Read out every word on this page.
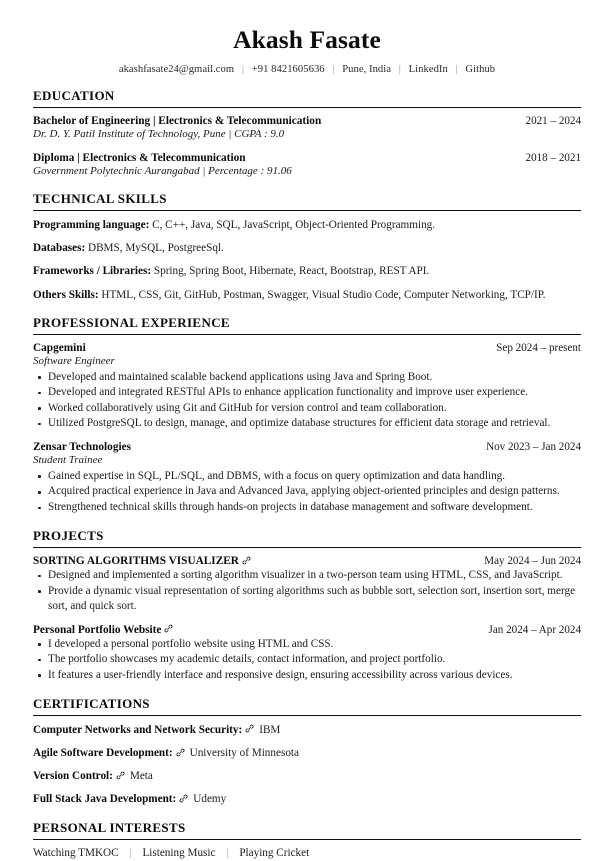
Akash Fasate
akashfasate24@gmail.com | +91 8421605636 | Pune, India | LinkedIn | Github
EDUCATION
Bachelor of Engineering | Electronics & Telecommunication	2021 – 2024
Dr. D. Y. Patil Institute of Technology, Pune | CGPA : 9.0
Diploma | Electronics & Telecommunication	2018 – 2021
Government Polytechnic Aurangabad | Percentage : 91.06
TECHNICAL SKILLS
Programming language: C, C++, Java, SQL, JavaScript, Object-Oriented Programming.
Databases: DBMS, MySQL, PostgreeSql.
Frameworks / Libraries: Spring, Spring Boot, Hibernate, React, Bootstrap, REST API.
Others Skills: HTML, CSS, Git, GitHub, Postman, Swagger, Visual Studio Code, Computer Networking, TCP/IP.
PROFESSIONAL EXPERIENCE
Capgemini	Sep 2024 – present
Software Engineer
Developed and maintained scalable backend applications using Java and Spring Boot.
Developed and integrated RESTful APIs to enhance application functionality and improve user experience.
Worked collaboratively using Git and GitHub for version control and team collaboration.
Utilized PostgreSQL to design, manage, and optimize database structures for efficient data storage and retrieval.
Zensar Technologies	Nov 2023 – Jan 2024
Student Trainee
Gained expertise in SQL, PL/SQL, and DBMS, with a focus on query optimization and data handling.
Acquired practical experience in Java and Advanced Java, applying object-oriented principles and design patterns.
Strengthened technical skills through hands-on projects in database management and software development.
PROJECTS
SORTING ALGORITHMS VISUALIZER	May 2024 – Jun 2024
Designed and implemented a sorting algorithm visualizer in a two-person team using HTML, CSS, and JavaScript.
Provide a dynamic visual representation of sorting algorithms such as bubble sort, selection sort, insertion sort, merge sort, and quick sort.
Personal Portfolio Website	Jan 2024 – Apr 2024
I developed a personal portfolio website using HTML and CSS.
The portfolio showcases my academic details, contact information, and project portfolio.
It features a user-friendly interface and responsive design, ensuring accessibility across various devices.
CERTIFICATIONS
Computer Networks and Network Security: IBM
Agile Software Development: University of Minnesota
Version Control: Meta
Full Stack Java Development: Udemy
PERSONAL INTERESTS
Watching TMKOC | Listening Music | Playing Cricket
